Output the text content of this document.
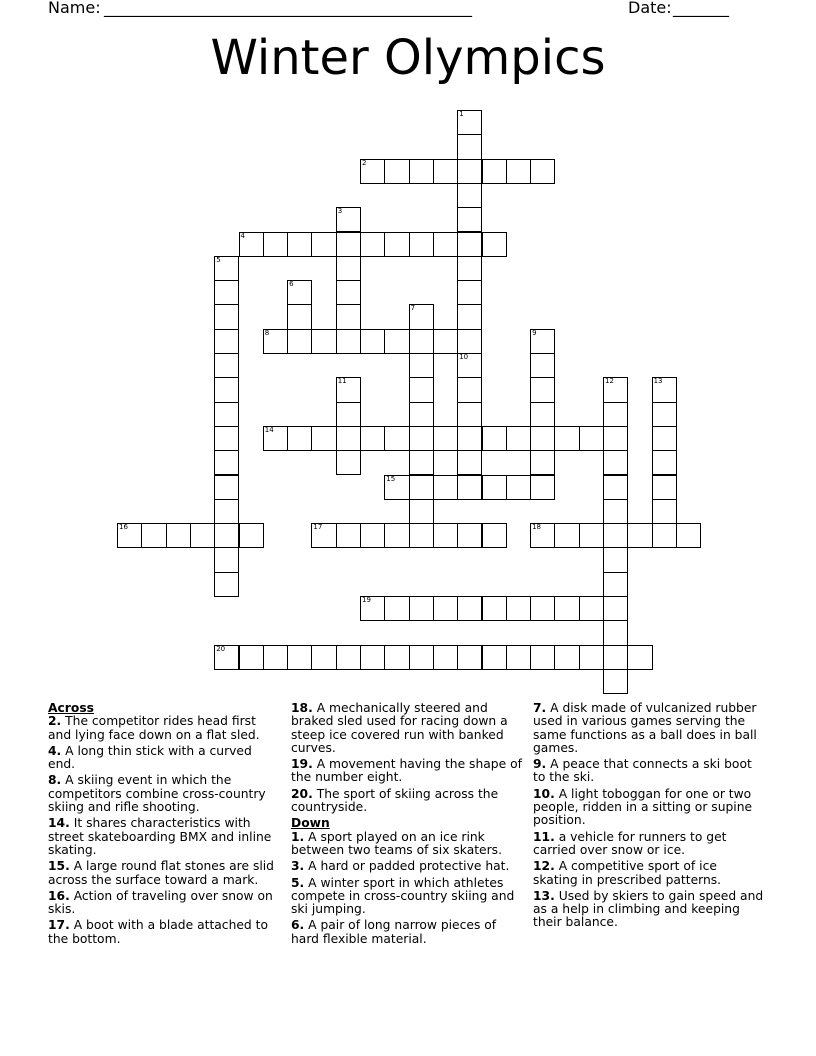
Name: ______________________________________________	Date: _______
Winter Olympics
1
2
3
4
5
6
7
8	9
10
11	12	13
14
15
16	17	18
19
20
Across
2. The competitor rides head first and lying face down on a flat sled.
4. A long thin stick with a curved end.
8. A skiing event in which the competitors combine cross-country skiing and rifle shooting.
14. It shares characteristics with street skateboarding BMX and inline skating.
15. A large round flat stones are slid across the surface toward a mark.
16. Action of traveling over snow on skis.
17. A boot with a blade attached to the bottom.
18. A mechanically steered and braked sled used for racing down a steep ice covered run with banked curves.
19. A movement having the shape of the number eight.
20. The sport of skiing across the countryside.
Down
1. A sport played on an ice rink between two teams of six skaters.
3. A hard or padded protective hat.
5. A winter sport in which athletes compete in cross-country skiing and ski jumping.
6. A pair of long narrow pieces of hard flexible material.
7. A disk made of vulcanized rubber used in various games serving the same functions as a ball does in ball games.
9. A peace that connects a ski boot to the ski.
10. A light toboggan for one or two people, ridden in a sitting or supine position.
11. a vehicle for runners to get carried over snow or ice.
12. A competitive sport of ice skating in prescribed patterns.
13. Used by skiers to gain speed and as a help in climbing and keeping their balance.
